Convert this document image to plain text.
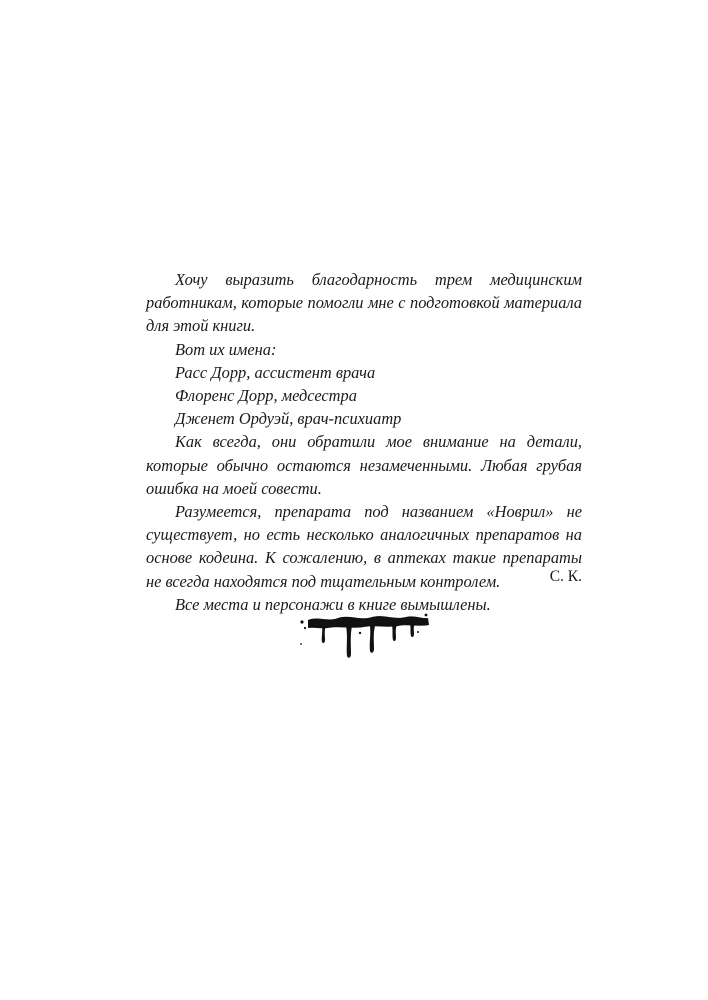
Хочу выразить благодарность трем медицинским работникам, которые помогли мне с подготовкой материала для этой книги.

Вот их имена:

Расс Дорр, ассистент врача

Флоренс Дорр, медсестра

Дженет Ордуэй, врач-психиатр

Как всегда, они обратили мое внимание на детали, которые обычно остаются незамеченными. Любая грубая ошибка на моей совести.

Разумеется, препарата под названием «Новрил» не существует, но есть несколько аналогичных препаратов на основе кодеина. К сожалению, в аптеках такие препараты не всегда находятся под тщательным контролем.

Все места и персонажи в книге вымышлены.

С. К.
